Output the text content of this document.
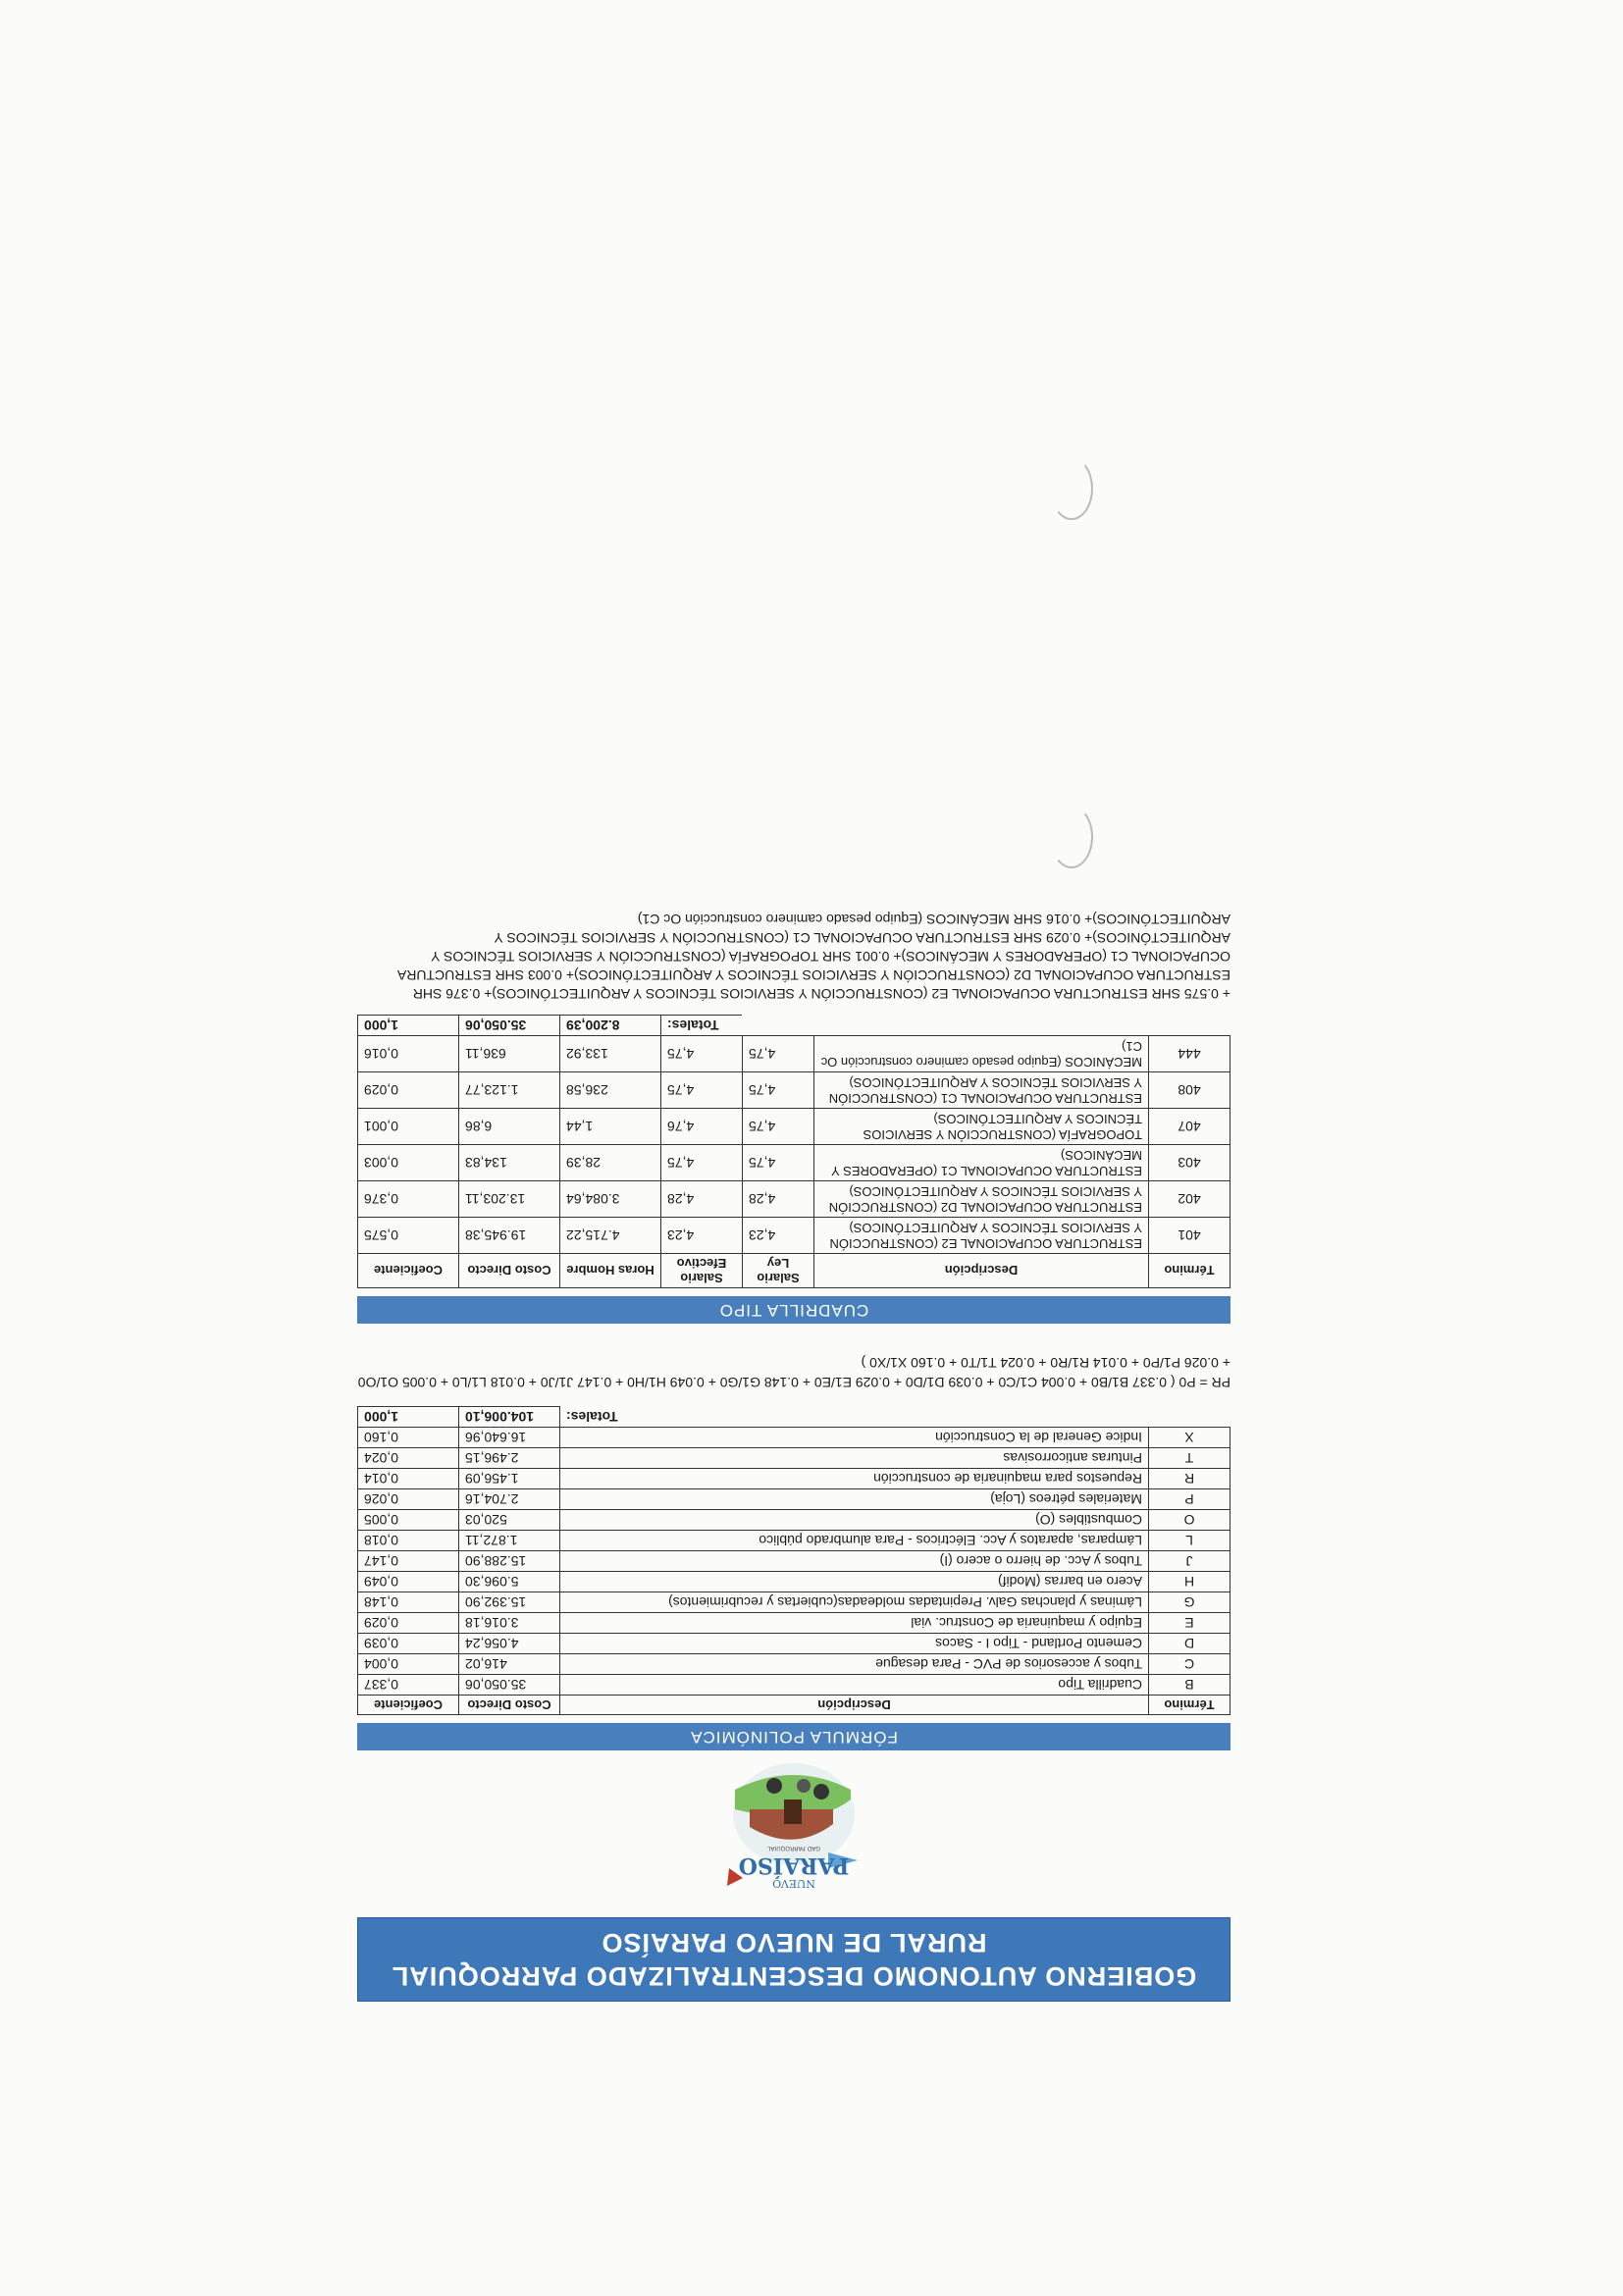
GOBIERNO AUTONOMO DESCENTRALIZADO PARROQUIAL
RURAL DE NUEVO PARAÍSO
NUEVO
PARAÍSO
GAD PARROQUIAL
FÓRMULA POLINÓMICA
Término	Descripción	Costo Directo	Coeficiente
B	Cuadrilla Tipo	35.050,06	0,337
C	Tubos y accesorios de PVC - Para desague	416,02	0,004
D	Cemento Portland - Tipo I - Sacos	4.056,24	0,039
E	Equipo y maquinaria de Construc. vial	3.016,18	0,029
G	Láminas y planchas Galv. Prepintadas moldeadas(cubiertas y recubrimientos)	15.392,90	0,148
H	Acero en barras (Modif)	5.096,30	0,049
J	Tubos y Acc. de hierro o acero (I)	15.288,90	0,147
L	Lámparas, aparatos y Acc. Eléctricos - Para alumbrado público	1.872,11	0,018
O	Combustibles (O)	520,03	0,005
P	Materiales pétreos (Loja)	2.704,16	0,026
R	Repuestos para maquinaria de construcción	1.456,09	0,014
T	Pinturas anticorrosivas	2.496,15	0,024
X	Indice General de la Construcción	16.640,96	0,160
	Totales:	104.006,10	1,000
PR = P0 ( 0.337 B1/B0 + 0.004 C1/C0 + 0.039 D1/D0 + 0.029 E1/E0 + 0.148 G1/G0 + 0.049 H1/H0 + 0.147 J1/J0 + 0.018 L1/L0 + 0.005 O1/O0 + 0.026 P1/P0 + 0.014 R1/R0 + 0.024 T1/T0 + 0.160 X1/X0 )
CUADRILLA TIPO
Término	Descripción	Salario Ley	Salario Efectivo	Horas Hombre	Costo Directo	Coeficiente
401	ESTRUCTURA OCUPACIONAL E2 (CONSTRUCCIÓN Y SERVICIOS TÉCNICOS Y ARQUITECTÓNICOS)	4,23	4,23	4.715,22	19.945,38	0,575
402	ESTRUCTURA OCUPACIONAL D2 (CONSTRUCCIÓN Y SERVICIOS TÉCNICOS Y ARQUITECTÓNICOS)	4,28	4,28	3.084,64	13.203,11	0,376
403	ESTRUCTURA OCUPACIONAL C1 (OPERADORES Y MECÁNICOS)	4,75	4,75	28,39	134,83	0,003
407	TOPOGRAFÍA (CONSTRUCCIÓN Y SERVICIOS TÉCNICOS Y ARQUITECTÓNICOS)	4,75	4,76	1,44	6,86	0,001
408	ESTRUCTURA OCUPACIONAL C1 (CONSTRUCCIÓN Y SERVICIOS TÉCNICOS Y ARQUITECTÓNICOS)	4,75	4,75	236,58	1.123,77	0,029
444	MECÁNICOS (Equipo pesado caminero construcción Oc C1)	4,75	4,75	133,92	636,11	0,016
			Totales:	8.200,39	35.050,06	1,000
+ 0.575 SHR ESTRUCTURA OCUPACIONAL E2 (CONSTRUCCIÓN Y SERVICIOS TÉCNICOS Y ARQUITECTÓNICOS)+ 0.376 SHR ESTRUCTURA OCUPACIONAL D2 (CONSTRUCCIÓN Y SERVICIOS TÉCNICOS Y ARQUITECTÓNICOS)+ 0.003 SHR ESTRUCTURA OCUPACIONAL C1 (OPERADORES Y MECÁNICOS)+ 0.001 SHR TOPOGRAFÍA (CONSTRUCCIÓN Y SERVICIOS TÉCNICOS Y ARQUITECTÓNICOS)+ 0.029 SHR ESTRUCTURA OCUPACIONAL C1 (CONSTRUCCIÓN Y SERVICIOS TÉCNICOS Y ARQUITECTÓNICOS)+ 0.016 SHR MECÁNICOS (Equipo pesado caminero construcción Oc C1)
